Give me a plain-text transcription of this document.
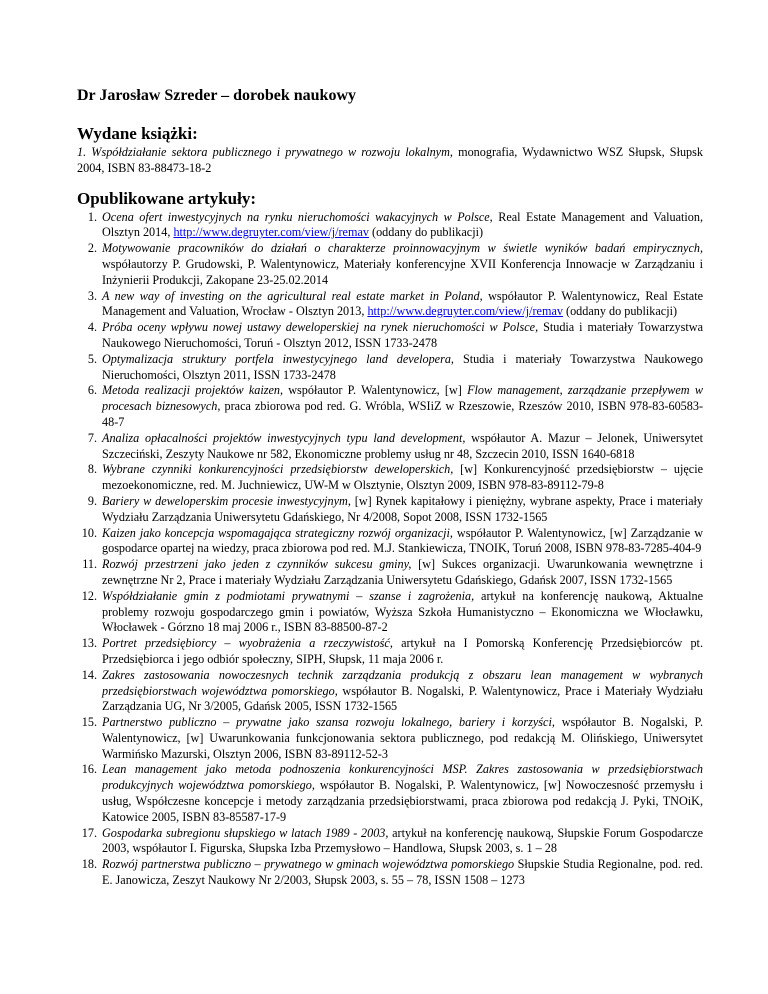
Dr Jarosław Szreder – dorobek naukowy
Wydane książki:

1. Współdziałanie sektora publicznego i prywatnego w rozwoju lokalnym, monografia, Wydawnictwo WSZ Słupsk, Słupsk 2004, ISBN 83-88473-18-2

Opublikowane artykuły:
1. Ocena ofert inwestycyjnych na rynku nieruchomości wakacyjnych w Polsce, Real Estate Management and Valuation, Olsztyn 2014, http://www.degruyter.com/view/j/remav (oddany do publikacji)
2. Motywowanie pracowników do działań o charakterze proinnowacyjnym w świetle wyników badań empirycznych, współautorzy P. Grudowski, P. Walentynowicz, Materiały konferencyjne XVII Konferencja Innowacje w Zarządzaniu i Inżynierii Produkcji, Zakopane 23-25.02.2014
3. A new way of investing on the agricultural real estate market in Poland, współautor P. Walentynowicz, Real Estate Management and Valuation, Wrocław - Olsztyn 2013, http://www.degruyter.com/view/j/remav (oddany do publikacji)
4. Próba oceny wpływu nowej ustawy deweloperskiej na rynek nieruchomości w Polsce, Studia i materiały Towarzystwa Naukowego Nieruchomości, Toruń - Olsztyn 2012, ISSN 1733-2478
5. Optymalizacja struktury portfela inwestycyjnego land developera, Studia i materiały Towarzystwa Naukowego Nieruchomości, Olsztyn 2011, ISSN 1733-2478
6. Metoda realizacji projektów kaizen, współautor P. Walentynowicz, [w] Flow management, zarządzanie przepływem w procesach biznesowych, praca zbiorowa pod red. G. Wróbla, WSIiZ w Rzeszowie, Rzeszów 2010, ISBN 978-83-60583-48-7
7. Analiza opłacalności projektów inwestycyjnych typu land development, współautor A. Mazur – Jelonek, Uniwersytet Szczeciński, Zeszyty Naukowe nr 582, Ekonomiczne problemy usług nr 48, Szczecin 2010, ISSN 1640-6818
8. Wybrane czynniki konkurencyjności przedsiębiorstw deweloperskich, [w] Konkurencyjność przedsiębiorstw – ujęcie mezoekonomiczne, red. M. Juchniewicz, UW-M w Olsztynie, Olsztyn 2009, ISBN 978-83-89112-79-8
9. Bariery w deweloperskim procesie inwestycyjnym, [w] Rynek kapitałowy i pieniężny, wybrane aspekty, Prace i materiały Wydziału Zarządzania Uniwersytetu Gdańskiego, Nr 4/2008, Sopot 2008, ISSN 1732-1565
10. Kaizen jako koncepcja wspomagająca strategiczny rozwój organizacji, współautor P. Walentynowicz, [w] Zarządzanie w gospodarce opartej na wiedzy, praca zbiorowa pod red. M.J. Stankiewicza, TNOIK, Toruń 2008, ISBN 978-83-7285-404-9
11. Rozwój przestrzeni jako jeden z czynników sukcesu gminy, [w] Sukces organizacji. Uwarunkowania wewnętrzne i zewnętrzne Nr 2, Prace i materiały Wydziału Zarządzania Uniwersytetu Gdańskiego, Gdańsk 2007, ISSN 1732-1565
12. Współdziałanie gmin z podmiotami prywatnymi – szanse i zagrożenia, artykuł na konferencję naukową, Aktualne problemy rozwoju gospodarczego gmin i powiatów, Wyższa Szkoła Humanistyczno – Ekonomiczna we Włocławku, Włocławek - Górzno 18 maj 2006 r., ISBN 83-88500-87-2
13. Portret przedsiębiorcy – wyobrażenia a rzeczywistość, artykuł na I Pomorską Konferencję Przedsiębiorców pt. Przedsiębiorca i jego odbiór społeczny, SIPH, Słupsk, 11 maja 2006 r.
14. Zakres zastosowania nowoczesnych technik zarządzania produkcją z obszaru lean management w wybranych przedsiębiorstwach województwa pomorskiego, współautor B. Nogalski, P. Walentynowicz, Prace i Materiały Wydziału Zarządzania UG, Nr 3/2005, Gdańsk 2005, ISSN 1732-1565
15. Partnerstwo publiczno – prywatne jako szansa rozwoju lokalnego, bariery i korzyści, współautor B. Nogalski, P. Walentynowicz, [w] Uwarunkowania funkcjonowania sektora publicznego, pod redakcją M. Olińskiego, Uniwersytet Warmińsko Mazurski, Olsztyn 2006, ISBN 83-89112-52-3
16. Lean management jako metoda podnoszenia konkurencyjności MSP. Zakres zastosowania w przedsiębiorstwach produkcyjnych województwa pomorskiego, współautor B. Nogalski, P. Walentynowicz, [w] Nowoczesność przemysłu i usług, Współczesne koncepcje i metody zarządzania przedsiębiorstwami, praca zbiorowa pod redakcją J. Pyki, TNOiK, Katowice 2005, ISBN 83-85587-17-9
17. Gospodarka subregionu słupskiego w latach 1989 - 2003, artykuł na konferencję naukową, Słupskie Forum Gospodarcze 2003, współautor I. Figurska, Słupska Izba Przemysłowo – Handlowa, Słupsk 2003, s. 1 – 28
18. Rozwój partnerstwa publiczno – prywatnego w gminach województwa pomorskiego Słupskie Studia Regionalne, pod. red. E. Janowicza, Zeszyt Naukowy Nr 2/2003, Słupsk 2003, s. 55 – 78, ISSN 1508 – 1273
